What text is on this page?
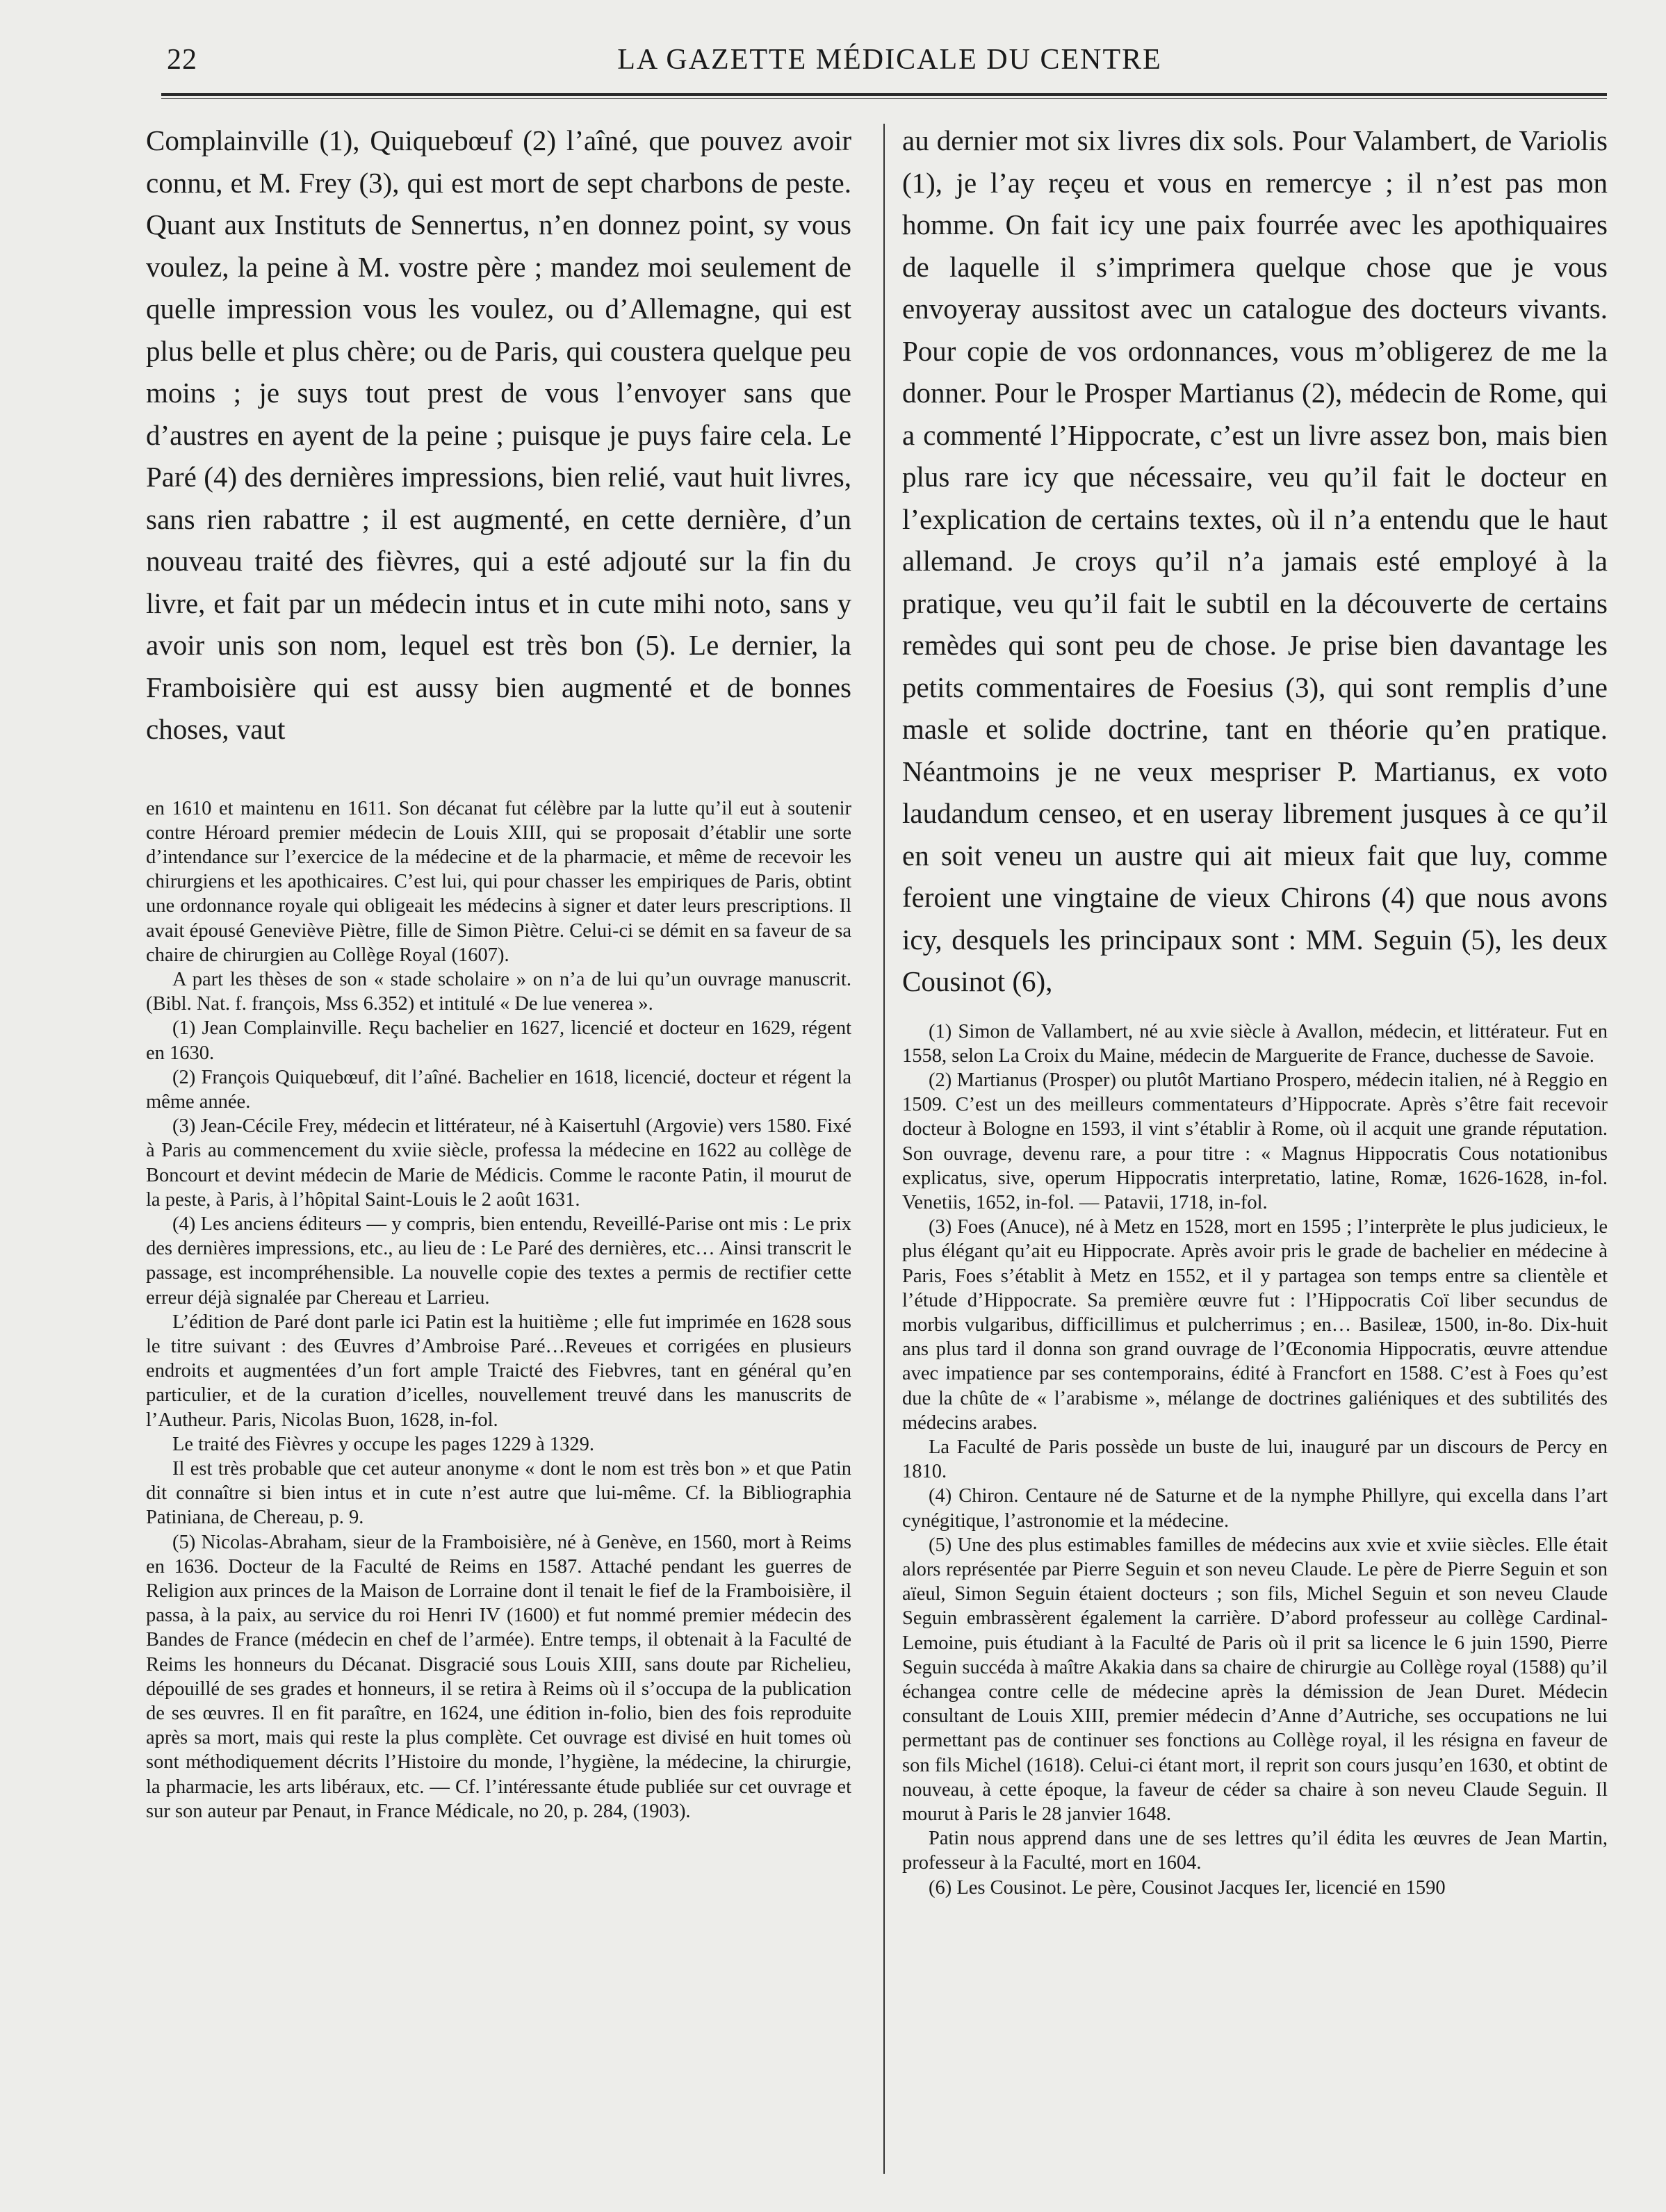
22	LA GAZETTE MÉDICALE DU CENTRE

Complainville (1), Quiquebœuf (2) l’aîné, que pouvez avoir connu, et M. Frey (3), qui est mort de sept charbons de peste. Quant aux Instituts de Sennertus, n’en donnez point, sy vous voulez, la peine à M. vostre père ; mandez moi seulement de quelle impression vous les voulez, ou d’Allemagne, qui est plus belle et plus chère; ou de Paris, qui coustera quelque peu moins ; je suys tout prest de vous l’envoyer sans que d’austres en ayent de la peine ; puisque je puys faire cela. Le Paré (4) des dernières impressions, bien relié, vaut huit livres, sans rien rabattre ; il est augmenté, en cette dernière, d’un nouveau traité des fièvres, qui a esté adjouté sur la fin du livre, et fait par un médecin intus et in cute mihi noto, sans y avoir unis son nom, lequel est très bon (5). Le dernier, la Framboisière qui est aussy bien augmenté et de bonnes choses, vaut

en 1610 et maintenu en 1611. Son décanat fut célèbre par la lutte qu’il eut à soutenir contre Héroard premier médecin de Louis XIII, qui se proposait d’établir une sorte d’intendance sur l’exercice de la médecine et de la pharmacie, et même de recevoir les chirurgiens et les apothicaires. C’est lui, qui pour chasser les empiriques de Paris, obtint une ordonnance royale qui obligeait les médecins à signer et dater leurs prescriptions. Il avait épousé Geneviève Piètre, fille de Simon Piètre. Celui-ci se démit en sa faveur de sa chaire de chirurgien au Collège Royal (1607).

A part les thèses de son « stade scholaire » on n’a de lui qu’un ouvrage manuscrit. (Bibl. Nat. f. françois, Mss 6.352) et intitulé « De lue venerea ».

(1) Jean Complainville. Reçu bachelier en 1627, licencié et docteur en 1629, régent en 1630.

(2) François Quiquebœuf, dit l’aîné. Bachelier en 1618, licencié, docteur et régent la même année.

(3) Jean-Cécile Frey, médecin et littérateur, né à Kaisertuhl (Argovie) vers 1580. Fixé à Paris au commencement du xviie siècle, professa la médecine en 1622 au collège de Boncourt et devint médecin de Marie de Médicis. Comme le raconte Patin, il mourut de la peste, à Paris, à l’hôpital Saint-Louis le 2 août 1631.

(4) Les anciens éditeurs — y compris, bien entendu, Reveillé-Parise ont mis : Le prix des dernières impressions, etc., au lieu de : Le Paré des dernières, etc… Ainsi transcrit le passage, est incompréhensible. La nouvelle copie des textes a permis de rectifier cette erreur déjà signalée par Chereau et Larrieu.

L’édition de Paré dont parle ici Patin est la huitième ; elle fut imprimée en 1628 sous le titre suivant : des Œuvres d’Ambroise Paré…Reveues et corrigées en plusieurs endroits et augmentées d’un fort ample Traicté des Fiebvres, tant en général qu’en particulier, et de la curation d’icelles, nouvellement treuvé dans les manuscrits de l’Autheur. Paris, Nicolas Buon, 1628, in-fol.

Le traité des Fièvres y occupe les pages 1229 à 1329.

Il est très probable que cet auteur anonyme « dont le nom est très bon » et que Patin dit connaître si bien intus et in cute n’est autre que lui-même. Cf. la Bibliographia Patiniana, de Chereau, p. 9.

(5) Nicolas-Abraham, sieur de la Framboisière, né à Genève, en 1560, mort à Reims en 1636. Docteur de la Faculté de Reims en 1587. Attaché pendant les guerres de Religion aux princes de la Maison de Lorraine dont il tenait le fief de la Framboisière, il passa, à la paix, au service du roi Henri IV (1600) et fut nommé premier médecin des Bandes de France (médecin en chef de l’armée). Entre temps, il obtenait à la Faculté de Reims les honneurs du Décanat. Disgracié sous Louis XIII, sans doute par Richelieu, dépouillé de ses grades et honneurs, il se retira à Reims où il s’occupa de la publication de ses œuvres. Il en fit paraître, en 1624, une édition in-folio, bien des fois reproduite après sa mort, mais qui reste la plus complète. Cet ouvrage est divisé en huit tomes où sont méthodiquement décrits l’Histoire du monde, l’hygiène, la médecine, la chirurgie, la pharmacie, les arts libéraux, etc. — Cf. l’intéressante étude publiée sur cet ouvrage et sur son auteur par Penaut, in France Médicale, no 20, p. 284, (1903).

au dernier mot six livres dix sols. Pour Valambert, de Variolis (1), je l’ay reçeu et vous en remercye ; il n’est pas mon homme. On fait icy une paix fourrée avec les apothiquaires de laquelle il s’imprimera quelque chose que je vous envoyeray aussitost avec un catalogue des docteurs vivants. Pour copie de vos ordonnances, vous m’obligerez de me la donner. Pour le Prosper Martianus (2), médecin de Rome, qui a commenté l’Hippocrate, c’est un livre assez bon, mais bien plus rare icy que nécessaire, veu qu’il fait le docteur en l’explication de certains textes, où il n’a entendu que le haut allemand. Je croys qu’il n’a jamais esté employé à la pratique, veu qu’il fait le subtil en la découverte de certains remèdes qui sont peu de chose. Je prise bien davantage les petits commentaires de Foesius (3), qui sont remplis d’une masle et solide doctrine, tant en théorie qu’en pratique. Néantmoins je ne veux mespriser P. Martianus, ex voto laudandum censeo, et en useray librement jusques à ce qu’il en soit veneu un austre qui ait mieux fait que luy, comme feroient une vingtaine de vieux Chirons (4) que nous avons icy, desquels les principaux sont : MM. Seguin (5), les deux Cousinot (6),

(1) Simon de Vallambert, né au xvie siècle à Avallon, médecin, et littérateur. Fut en 1558, selon La Croix du Maine, médecin de Marguerite de France, duchesse de Savoie.

(2) Martianus (Prosper) ou plutôt Martiano Prospero, médecin italien, né à Reggio en 1509. C’est un des meilleurs commentateurs d’Hippocrate. Après s’être fait recevoir docteur à Bologne en 1593, il vint s’établir à Rome, où il acquit une grande réputation. Son ouvrage, devenu rare, a pour titre : « Magnus Hippocratis Cous notationibus explicatus, sive, operum Hippocratis interpretatio, latine, Romæ, 1626-1628, in-fol. Venetiis, 1652, in-fol. — Patavii, 1718, in-fol.

(3) Foes (Anuce), né à Metz en 1528, mort en 1595 ; l’interprète le plus judicieux, le plus élégant qu’ait eu Hippocrate. Après avoir pris le grade de bachelier en médecine à Paris, Foes s’établit à Metz en 1552, et il y partagea son temps entre sa clientèle et l’étude d’Hippocrate. Sa première œuvre fut : l’Hippocratis Coï liber secundus de morbis vulgaribus, difficillimus et pulcherrimus ; en… Basileæ, 1500, in-8o. Dix-huit ans plus tard il donna son grand ouvrage de l’Œconomia Hippocratis, œuvre attendue avec impatience par ses contemporains, édité à Francfort en 1588. C’est à Foes qu’est due la chûte de « l’arabisme », mélange de doctrines galiéniques et des subtilités des médecins arabes.

La Faculté de Paris possède un buste de lui, inauguré par un discours de Percy en 1810.

(4) Chiron. Centaure né de Saturne et de la nymphe Phillyre, qui excella dans l’art cynégitique, l’astronomie et la médecine.

(5) Une des plus estimables familles de médecins aux xvie et xviie siècles. Elle était alors représentée par Pierre Seguin et son neveu Claude. Le père de Pierre Seguin et son aïeul, Simon Seguin étaient docteurs ; son fils, Michel Seguin et son neveu Claude Seguin embrassèrent également la carrière. D’abord professeur au collège Cardinal-Lemoine, puis étudiant à la Faculté de Paris où il prit sa licence le 6 juin 1590, Pierre Seguin succéda à maître Akakia dans sa chaire de chirurgie au Collège royal (1588) qu’il échangea contre celle de médecine après la démission de Jean Duret. Médecin consultant de Louis XIII, premier médecin d’Anne d’Autriche, ses occupations ne lui permettant pas de continuer ses fonctions au Collège royal, il les résigna en faveur de son fils Michel (1618). Celui-ci étant mort, il reprit son cours jusqu’en 1630, et obtint de nouveau, à cette époque, la faveur de céder sa chaire à son neveu Claude Seguin. Il mourut à Paris le 28 janvier 1648.

Patin nous apprend dans une de ses lettres qu’il édita les œuvres de Jean Martin, professeur à la Faculté, mort en 1604.

(6) Les Cousinot. Le père, Cousinot Jacques Ier, licencié en 1590
